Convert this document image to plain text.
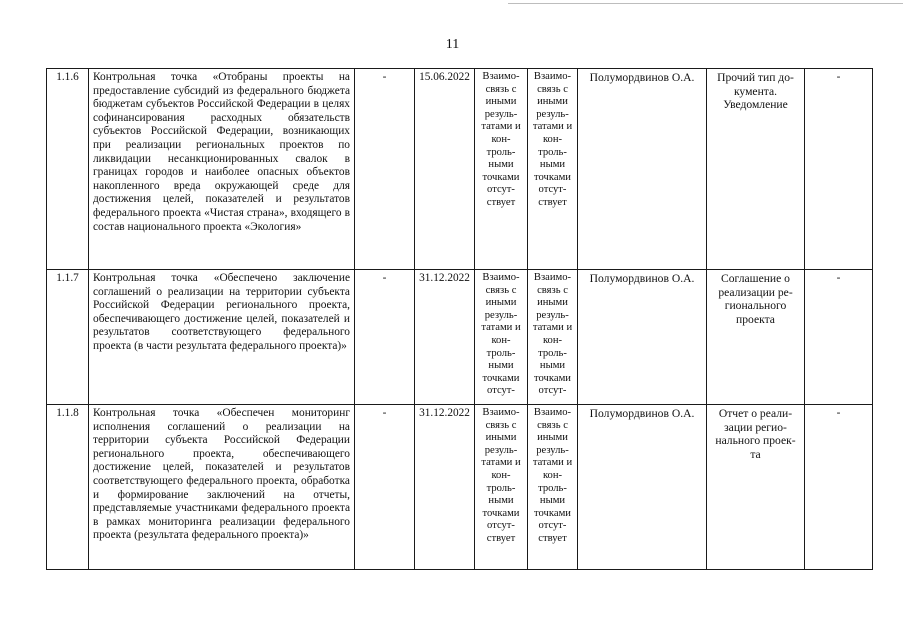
11
1.1.6	Контрольная точка «Отобраны проекты на предоставление субсидий из федерального бюджета бюджетам субъектов Российской Федерации в целях софинансирования расходных обязательств субъектов Российской Федерации, возникающих при реализации региональных проектов по ликвидации несанкционированных свалок в границах городов и наиболее опасных объектов накопленного вреда окружающей среде для достижения целей, показателей и результатов федерального проекта «Чистая страна», входящего в состав национального проекта «Экология»	-	15.06.2022	Взаимо-связь с иными резуль-татами и кон-троль-ными точками отсут-ствует	Взаимо-связь с иными резуль-татами и кон-троль-ными точками отсут-ствует	Полумордвинов О.А.	Прочий тип до-кумента. Уведомление	-
1.1.7	Контрольная точка «Обеспечено заключение соглашений о реализации на территории субъекта Российской Федерации регионального проекта, обеспечивающего достижение целей, показателей и результатов соответствующего федерального проекта (в части результата федерального проекта)»	-	31.12.2022	Взаимо-связь с иными резуль-татами и кон-троль-ными точками отсут-	Взаимо-связь с иными резуль-татами и кон-троль-ными точками отсут-	Полумордвинов О.А.	Соглашение о реализации ре-гионального проекта	-
1.1.8	Контрольная точка «Обеспечен мониторинг исполнения соглашений о реализации на территории субъекта Российской Федерации регионального проекта, обеспечивающего достижение целей, показателей и результатов соответствующего федерального проекта, обработка и формирование заключений на отчеты, представляемые участниками федерального проекта в рамках мониторинга реализации федерального проекта (результата федерального проекта)»	-	31.12.2022	Взаимо-связь с иными резуль-татами и кон-троль-ными точками отсут-ствует	Взаимо-связь с иными резуль-татами и кон-троль-ными точками отсут-ствует	Полумордвинов О.А.	Отчет о реали-зации регио-нального проек-та	-
